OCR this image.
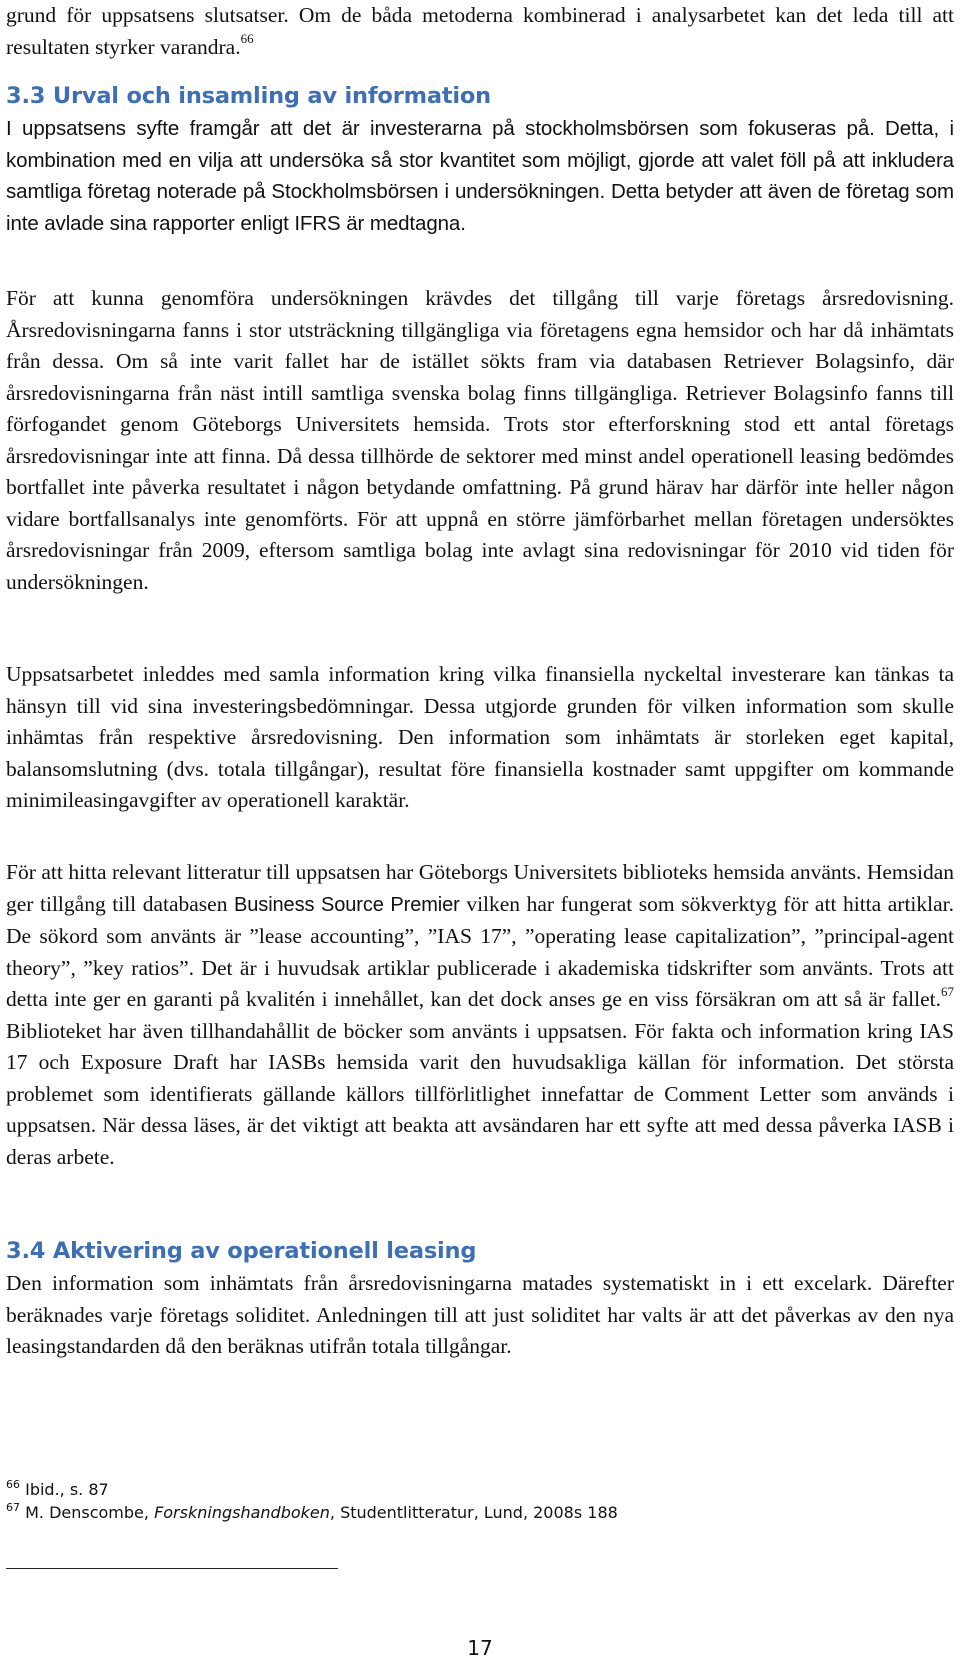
grund för uppsatsens slutsatser. Om de båda metoderna kombinerad i analysarbetet kan det leda till att resultaten styrker varandra.$^{66}$

3.3 Urval och insamling av information

I uppsatsens syfte framgår att det är investerarna på stockholmsbörsen som fokuseras på. Detta, i kombination med en vilja att undersöka så stor kvantitet som möjligt, gjorde att valet föll på att inkludera samtliga företag noterade på Stockholmsbörsen i undersökningen. Detta betyder att även de företag som inte avlade sina rapporter enligt IFRS är medtagna.

För att kunna genomföra undersökningen krävdes det tillgång till varje företags årsredovisning. Årsredovisningarna fanns i stor utsträckning tillgängliga via företagens egna hemsidor och har då inhämtats från dessa. Om så inte varit fallet har de istället sökts fram via databasen Retriever Bolagsinfo, där årsredovisningarna från näst intill samtliga svenska bolag finns tillgängliga. Retriever Bolagsinfo fanns till förfogandet genom Göteborgs Universitets hemsida. Trots stor efterforskning stod ett antal företags årsredovisningar inte att finna. Då dessa tillhörde de sektorer med minst andel operationell leasing bedömdes bortfallet inte påverka resultatet i någon betydande omfattning. På grund härav har därför inte heller någon vidare bortfallsanalys inte genomförts. För att uppnå en större jämförbarhet mellan företagen undersöktes årsredovisningar från 2009, eftersom samtliga bolag inte avlagt sina redovisningar för 2010 vid tiden för undersökningen.

Uppsatsarbetet inleddes med samla information kring vilka finansiella nyckeltal investerare kan tänkas ta hänsyn till vid sina investeringsbedömningar. Dessa utgjorde grunden för vilken information som skulle inhämtas från respektive årsredovisning. Den information som inhämtats är storleken eget kapital, balansomslutning (dvs. totala tillgångar), resultat före finansiella kostnader samt uppgifter om kommande minimileasingavgifter av operationell karaktär.

För att hitta relevant litteratur till uppsatsen har Göteborgs Universitets biblioteks hemsida använts. Hemsidan ger tillgång till databasen Business Source Premier vilken har fungerat som sökverktyg för att hitta artiklar. De sökord som använts är ”lease accounting”, ”IAS 17”, ”operating lease capitalization”, ”principal-agent theory”, ”key ratios”. Det är i huvudsak artiklar publicerade i akademiska tidskrifter som använts. Trots att detta inte ger en garanti på kvalitén i innehållet, kan det dock anses ge en viss försäkran om att så är fallet.$^{67}$ Biblioteket har även tillhandahållit de böcker som använts i uppsatsen. För fakta och information kring IAS 17 och Exposure Draft har IASBs hemsida varit den huvudsakliga källan för information. Det största problemet som identifierats gällande källors tillförlitlighet innefattar de Comment Letter som används i uppsatsen. När dessa läses, är det viktigt att beakta att avsändaren har ett syfte att med dessa påverka IASB i deras arbete.

3.4 Aktivering av operationell leasing

Den information som inhämtats från årsredovisningarna matades systematiskt in i ett excelark. Därefter beräknades varje företags soliditet. Anledningen till att just soliditet har valts är att det påverkas av den nya leasingstandarden då den beräknas utifrån totala tillgångar.

$^{66}$ Ibid., s. 87

$^{67}$ M. Denscombe, Forskningshandboken, Studentlitteratur, Lund, 2008s 188

17
